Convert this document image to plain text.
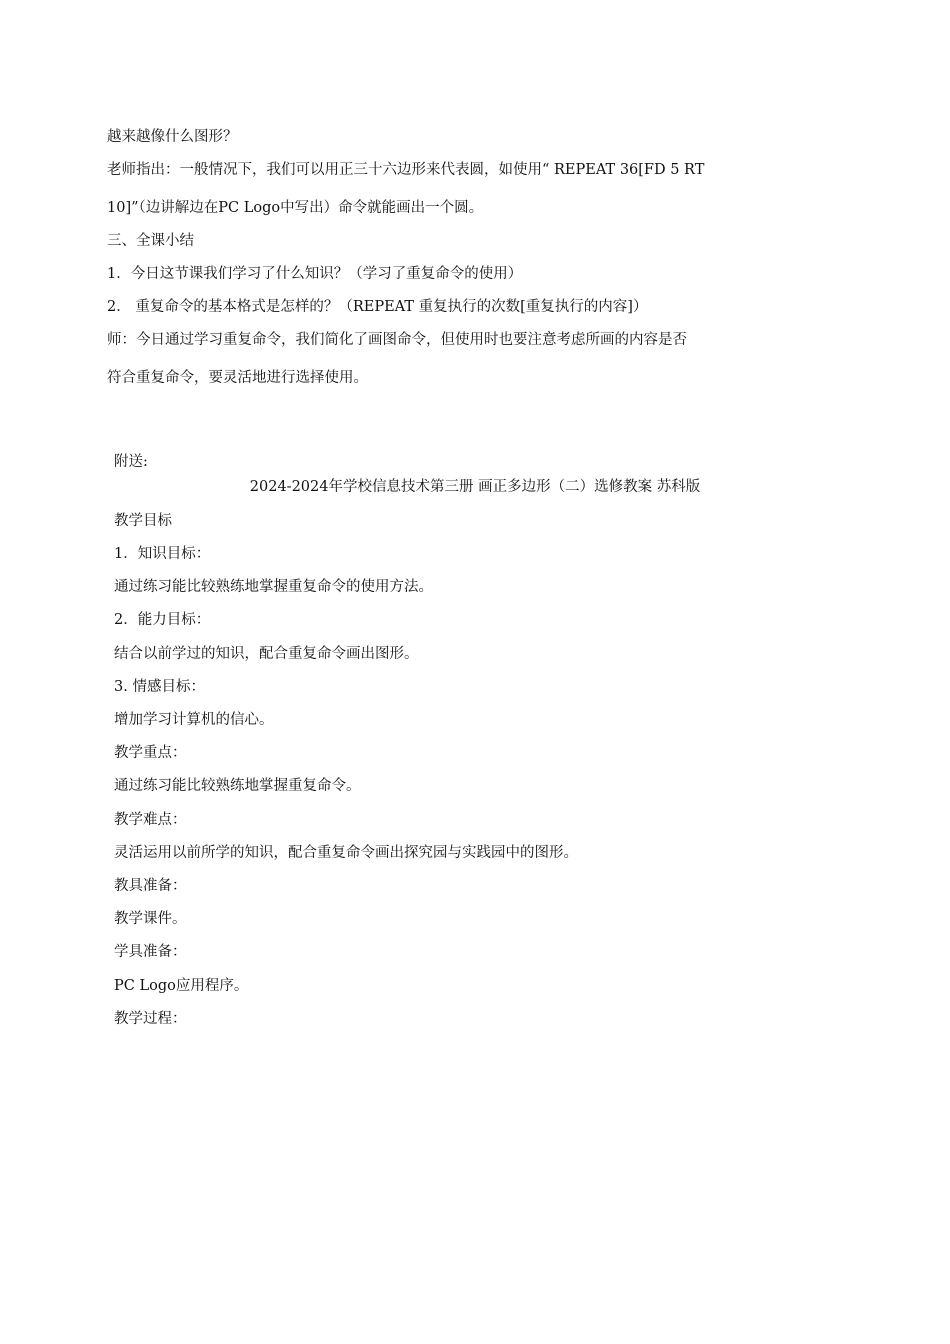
越来越像什么图形？
老师指出：一般情况下，我们可以用正三十六边形来代表圆，如使用“ REPEAT 36[FD 5 RT
10]”（边讲解边在PC Logo中写出）命令就能画出一个圆。
三、全课小结
1．今日这节课我们学习了什么知识？（学习了重复命令的使用）
2． 重复命令的基本格式是怎样的？（REPEAT 重复执行的次数[重复执行的内容]）
师：今日通过学习重复命令，我们简化了画图命令，但使用时也要注意考虑所画的内容是否
符合重复命令，要灵活地进行选择使用。
附送:
2024-2024年学校信息技术第三册 画正多边形（二）选修教案 苏科版
教学目标
1．知识目标：
通过练习能比较熟练地掌握重复命令的使用方法。
2．能力目标：
结合以前学过的知识，配合重复命令画出图形。
3. 情感目标：
增加学习计算机的信心。
教学重点：
通过练习能比较熟练地掌握重复命令。
教学难点：
灵活运用以前所学的知识，配合重复命令画出探究园与实践园中的图形。
教具准备：
教学课件。
学具准备：
PC Logo应用程序。
教学过程：
